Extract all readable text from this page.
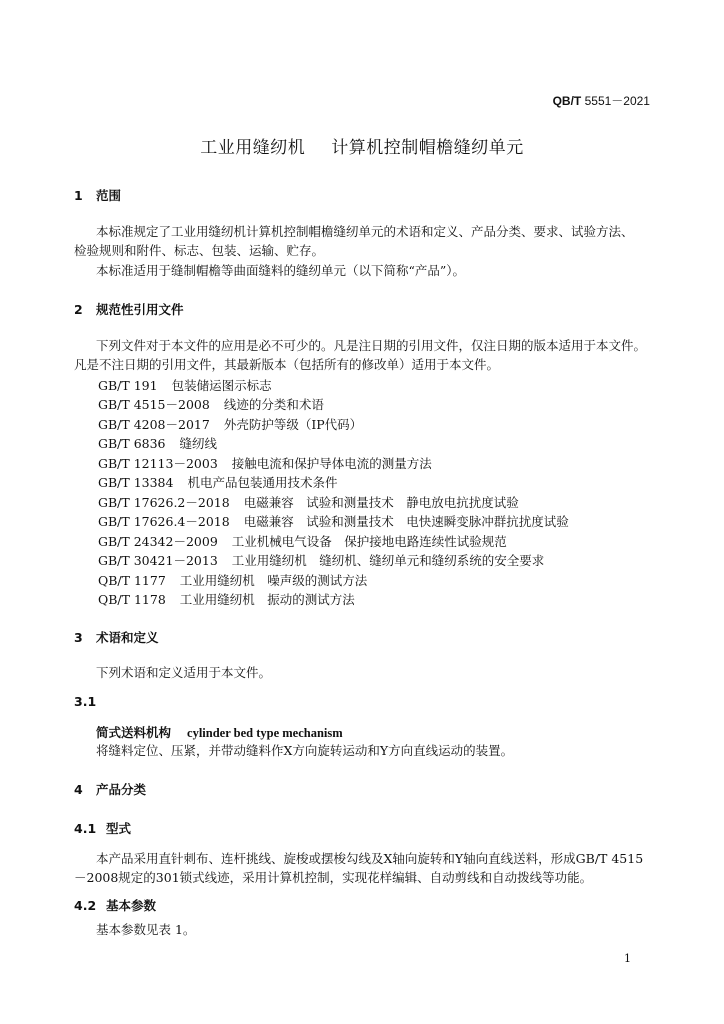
QB/T 5551－2021
工业用缝纫机 计算机控制帽檐缝纫单元
1 范围
本标准规定了工业用缝纫机计算机控制帽檐缝纫单元的术语和定义、产品分类、要求、试验方法、
检验规则和附件、标志、包装、运输、贮存。
本标准适用于缝制帽檐等曲面缝料的缝纫单元（以下简称“产品”）。
2 规范性引用文件
下列文件对于本文件的应用是必不可少的。凡是注日期的引用文件，仅注日期的版本适用于本文件。
凡是不注日期的引用文件，其最新版本（包括所有的修改单）适用于本文件。
GB/T 191 包装储运图示标志
GB/T 4515－2008 线迹的分类和术语
GB/T 4208－2017 外壳防护等级（IP代码）
GB/T 6836 缝纫线
GB/T 12113－2003 接触电流和保护导体电流的测量方法
GB/T 13384 机电产品包装通用技术条件
GB/T 17626.2－2018 电磁兼容　试验和测量技术　静电放电抗扰度试验
GB/T 17626.4－2018 电磁兼容　试验和测量技术　电快速瞬变脉冲群抗扰度试验
GB/T 24342－2009 工业机械电气设备　保护接地电路连续性试验规范
GB/T 30421－2013 工业用缝纫机　缝纫机、缝纫单元和缝纫系统的安全要求
QB/T 1177 工业用缝纫机　噪声级的测试方法
QB/T 1178 工业用缝纫机　振动的测试方法
3 术语和定义
下列术语和定义适用于本文件。
3.1
简式送料机构 cylinder bed type mechanism
将缝料定位、压紧，并带动缝料作X方向旋转运动和Y方向直线运动的装置。
4 产品分类
4.1 型式
本产品采用直针刺布、连杆挑线、旋梭或摆梭勾线及X轴向旋转和Y轴向直线送料，形成GB/T 4515
－2008规定的301锁式线迹，采用计算机控制，实现花样编辑、自动剪线和自动拨线等功能。
4.2 基本参数
基本参数见表 1。
1
